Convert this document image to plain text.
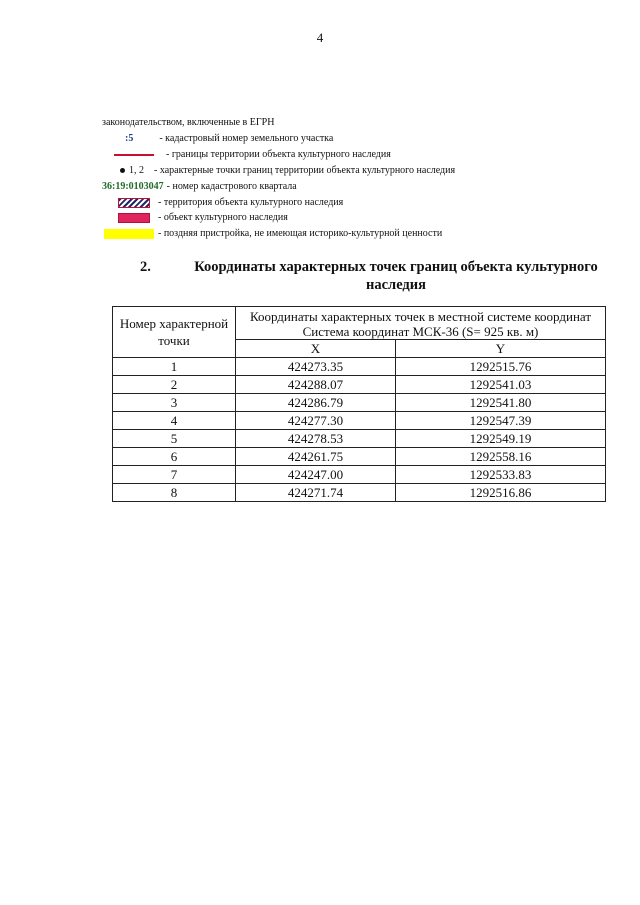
4
законодательством, включенные в ЕГРН
:5	- кадастровый номер земельного участка
- границы территории объекта культурного наследия
1, 2 - характерные точки границ территории объекта культурного наследия
36:19:0103047 - номер кадастрового квартала
- территория объекта культурного наследия
- объект культурного наследия
- поздняя пристройка, не имеющая историко-культурной ценности
2.	Координаты характерных точек границ объекта культурного наследия
Номер характерной точки	Координаты характерных точек в местной системе координат
Система координат МСК-36 (S= 925 кв. м)	

	X	Y
1	424273.35	1292515.76
2	424288.07	1292541.03
3	424286.79	1292541.80
4	424277.30	1292547.39
5	424278.53	1292549.19
6	424261.75	1292558.16
7	424247.00	1292533.83
8	424271.74	1292516.86
